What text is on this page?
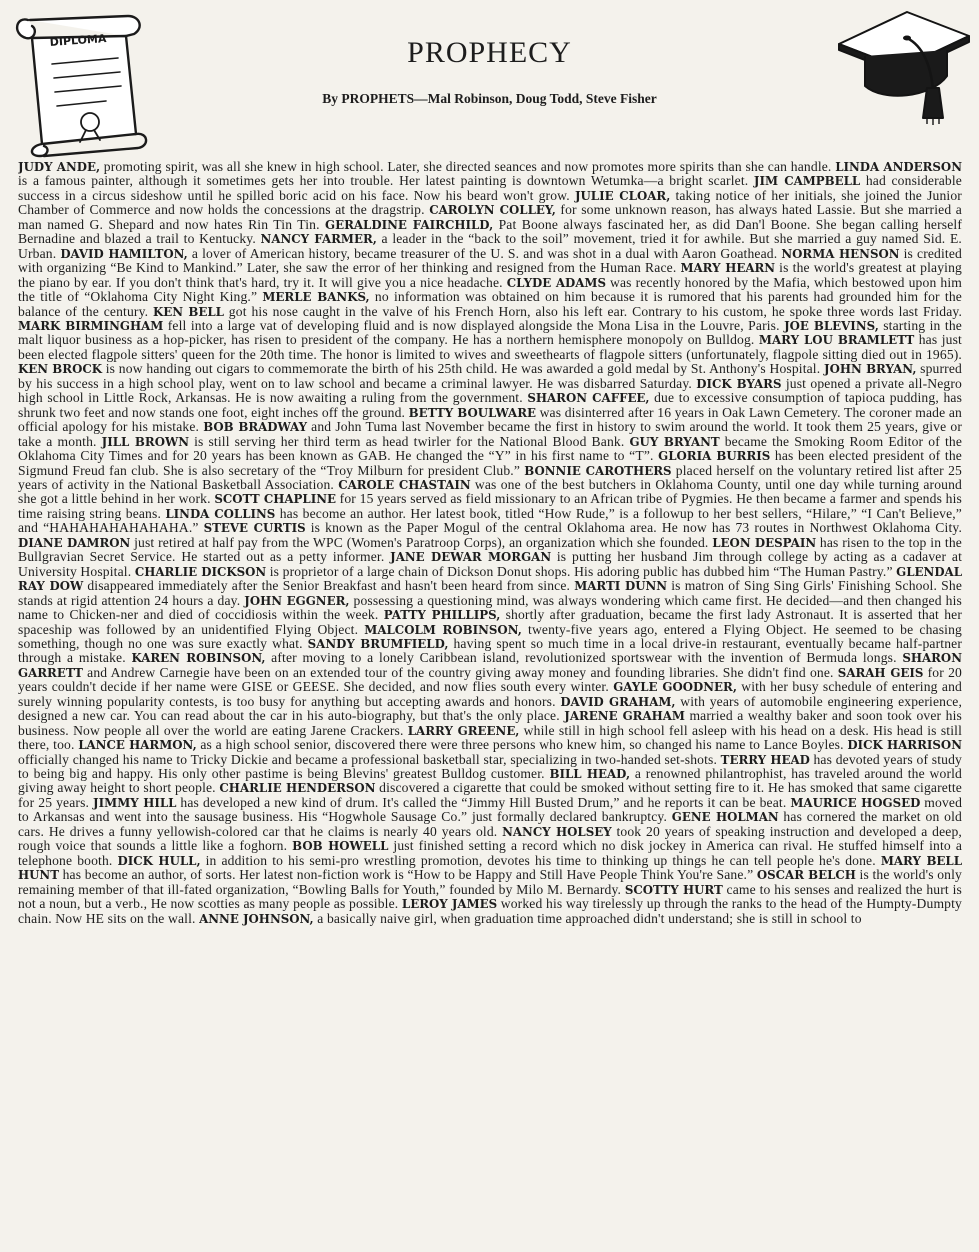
DIPLOMA	PROPHECY
By PROPHETS—Mal Robinson, Doug Todd, Steve Fisher
JUDY ANDE, promoting spirit, was all she knew in high school. Later, she directed seances and now promotes more spirits than she can handle. LINDA ANDERSON is a famous painter, although it sometimes gets her into trouble. Her latest painting is downtown Wetumka—a bright scarlet. JIM CAMPBELL had considerable success in a circus sideshow until he spilled boric acid on his face. Now his beard won't grow. JULIE CLOAR, taking notice of her initials, she joined the Junior Chamber of Commerce and now holds the concessions at the dragstrip. CAROLYN COLLEY, for some unknown reason, has always hated Lassie. But she married a man named G. Shepard and now hates Rin Tin Tin. GERALDINE FAIRCHILD, Pat Boone always fascinated her, as did Dan'l Boone. She began calling herself Bernadine and blazed a trail to Kentucky. NANCY FARMER, a leader in the “back to the soil” movement, tried it for awhile. But she married a guy named Sid. E. Urban. DAVID HAMILTON, a lover of American history, became treasurer of the U. S. and was shot in a dual with Aaron Goathead. NORMA HENSON is credited with organizing “Be Kind to Mankind.” Later, she saw the error of her thinking and resigned from the Human Race. MARY HEARN is the world's greatest at playing the piano by ear. If you don't think that's hard, try it. It will give you a nice headache. CLYDE ADAMS was recently honored by the Mafia, which bestowed upon him the title of “Oklahoma City Night King.” MERLE BANKS, no information was obtained on him because it is rumored that his parents had grounded him for the balance of the century. KEN BELL got his nose caught in the valve of his French Horn, also his left ear. Contrary to his custom, he spoke three words last Friday. MARK BIRMINGHAM fell into a large vat of developing fluid and is now displayed alongside the Mona Lisa in the Louvre, Paris. JOE BLEVINS, starting in the malt liquor business as a hop-picker, has risen to president of the company. He has a northern hemisphere monopoly on Bulldog. MARY LOU BRAMLETT has just been elected flagpole sitters' queen for the 20th time. The honor is limited to wives and sweethearts of flagpole sitters (unfortunately, flagpole sitting died out in 1965). KEN BROCK is now handing out cigars to commemorate the birth of his 25th child. He was awarded a gold medal by St. Anthony's Hospital. JOHN BRYAN, spurred by his success in a high school play, went on to law school and became a criminal lawyer. He was disbarred Saturday. DICK BYARS just opened a private all-Negro high school in Little Rock, Arkansas. He is now awaiting a ruling from the government. SHARON CAFFEE, due to excessive consumption of tapioca pudding, has shrunk two feet and now stands one foot, eight inches off the ground. BETTY BOULWARE was disinterred after 16 years in Oak Lawn Cemetery. The coroner made an official apology for his mistake. BOB BRADWAY and John Tuma last November became the first in history to swim around the world. It took them 25 years, give or take a month. JILL BROWN is still serving her third term as head twirler for the National Blood Bank. GUY BRYANT became the Smoking Room Editor of the Oklahoma City Times and for 20 years has been known as GAB. He changed the “Y” in his first name to “T”. GLORIA BURRIS has been elected president of the Sigmund Freud fan club. She is also secretary of the “Troy Milburn for president Club.” BONNIE CAROTHERS placed herself on the voluntary retired list after 25 years of activity in the National Basketball Association. CAROLE CHASTAIN was one of the best butchers in Oklahoma County, until one day while turning around she got a little behind in her work. SCOTT CHAPLINE for 15 years served as field missionary to an African tribe of Pygmies. He then became a farmer and spends his time raising string beans. LINDA COLLINS has become an author. Her latest book, titled “How Rude,” is a followup to her best sellers, “Hilare,” “I Can't Believe,” and “HAHAHAHAHAHAHA.” STEVE CURTIS is known as the Paper Mogul of the central Oklahoma area. He now has 73 routes in Northwest Oklahoma City. DIANE DAMRON just retired at half pay from the WPC (Women's Paratroop Corps), an organization which she founded. LEON DESPAIN has risen to the top in the Bullgravian Secret Service. He started out as a petty informer. JANE DEWAR MORGAN is putting her husband Jim through college by acting as a cadaver at University Hospital. CHARLIE DICKSON is proprietor of a large chain of Dickson Donut shops. His adoring public has dubbed him “The Human Pastry.” GLENDAL RAY DOW disappeared immediately after the Senior Breakfast and hasn't been heard from since. MARTI DUNN is matron of Sing Sing Girls' Finishing School. She stands at rigid attention 24 hours a day. JOHN EGGNER, possessing a questioning mind, was always wondering which came first. He decided—and then changed his name to Chicken-ner and died of coccidiosis within the week. PATTY PHILLIPS, shortly after graduation, became the first lady Astronaut. It is asserted that her spaceship was followed by an unidentified Flying Object. MALCOLM ROBINSON, twenty-five years ago, entered a Flying Object. He seemed to be chasing something, though no one was sure exactly what. SANDY BRUMFIELD, having spent so much time in a local drive-in restaurant, eventually became half-partner through a mistake. KAREN ROBINSON, after moving to a lonely Caribbean island, revolutionized sportswear with the invention of Bermuda longs. SHARON GARRETT and Andrew Carnegie have been on an extended tour of the country giving away money and founding libraries. She didn't find one. SARAH GEIS for 20 years couldn't decide if her name were GISE or GEESE. She decided, and now flies south every winter. GAYLE GOODNER, with her busy schedule of entering and surely winning popularity contests, is too busy for anything but accepting awards and honors. DAVID GRAHAM, with years of automobile engineering experience, designed a new car. You can read about the car in his auto-biography, but that's the only place. JARENE GRAHAM married a wealthy baker and soon took over his business. Now people all over the world are eating Jarene Crackers. LARRY GREENE, while still in high school fell asleep with his head on a desk. His head is still there, too. LANCE HARMON, as a high school senior, discovered there were three persons who knew him, so changed his name to Lance Boyles. DICK HARRISON officially changed his name to Tricky Dickie and became a professional basketball star, specializing in two-handed set-shots. TERRY HEAD has devoted years of study to being big and happy. His only other pastime is being Blevins' greatest Bulldog customer. BILL HEAD, a renowned philantrophist, has traveled around the world giving away height to short people. CHARLIE HENDERSON discovered a cigarette that could be smoked without setting fire to it. He has smoked that same cigarette for 25 years. JIMMY HILL has developed a new kind of drum. It's called the “Jimmy Hill Busted Drum,” and he reports it can be beat. MAURICE HOGSED moved to Arkansas and went into the sausage business. His “Hogwhole Sausage Co.” just formally declared bankruptcy. GENE HOLMAN has cornered the market on old cars. He drives a funny yellowish-colored car that he claims is nearly 40 years old. NANCY HOLSEY took 20 years of speaking instruction and developed a deep, rough voice that sounds a little like a foghorn. BOB HOWELL just finished setting a record which no disk jockey in America can rival. He stuffed himself into a telephone booth. DICK HULL, in addition to his semi-pro wrestling promotion, devotes his time to thinking up things he can tell people he's done. MARY BELL HUNT has become an author, of sorts. Her latest non-fiction work is “How to be Happy and Still Have People Think You're Sane.” OSCAR BELCH is the world's only remaining member of that ill-fated organization, “Bowling Balls for Youth,” founded by Milo M. Bernardy. SCOTTY HURT came to his senses and realized the hurt is not a noun, but a verb., He now scotties as many people as possible. LEROY JAMES worked his way tirelessly up through the ranks to the head of the Humpty-Dumpty chain. Now HE sits on the wall. ANNE JOHNSON, a basically naive girl, when graduation time approached didn't understand; she is still in school to
